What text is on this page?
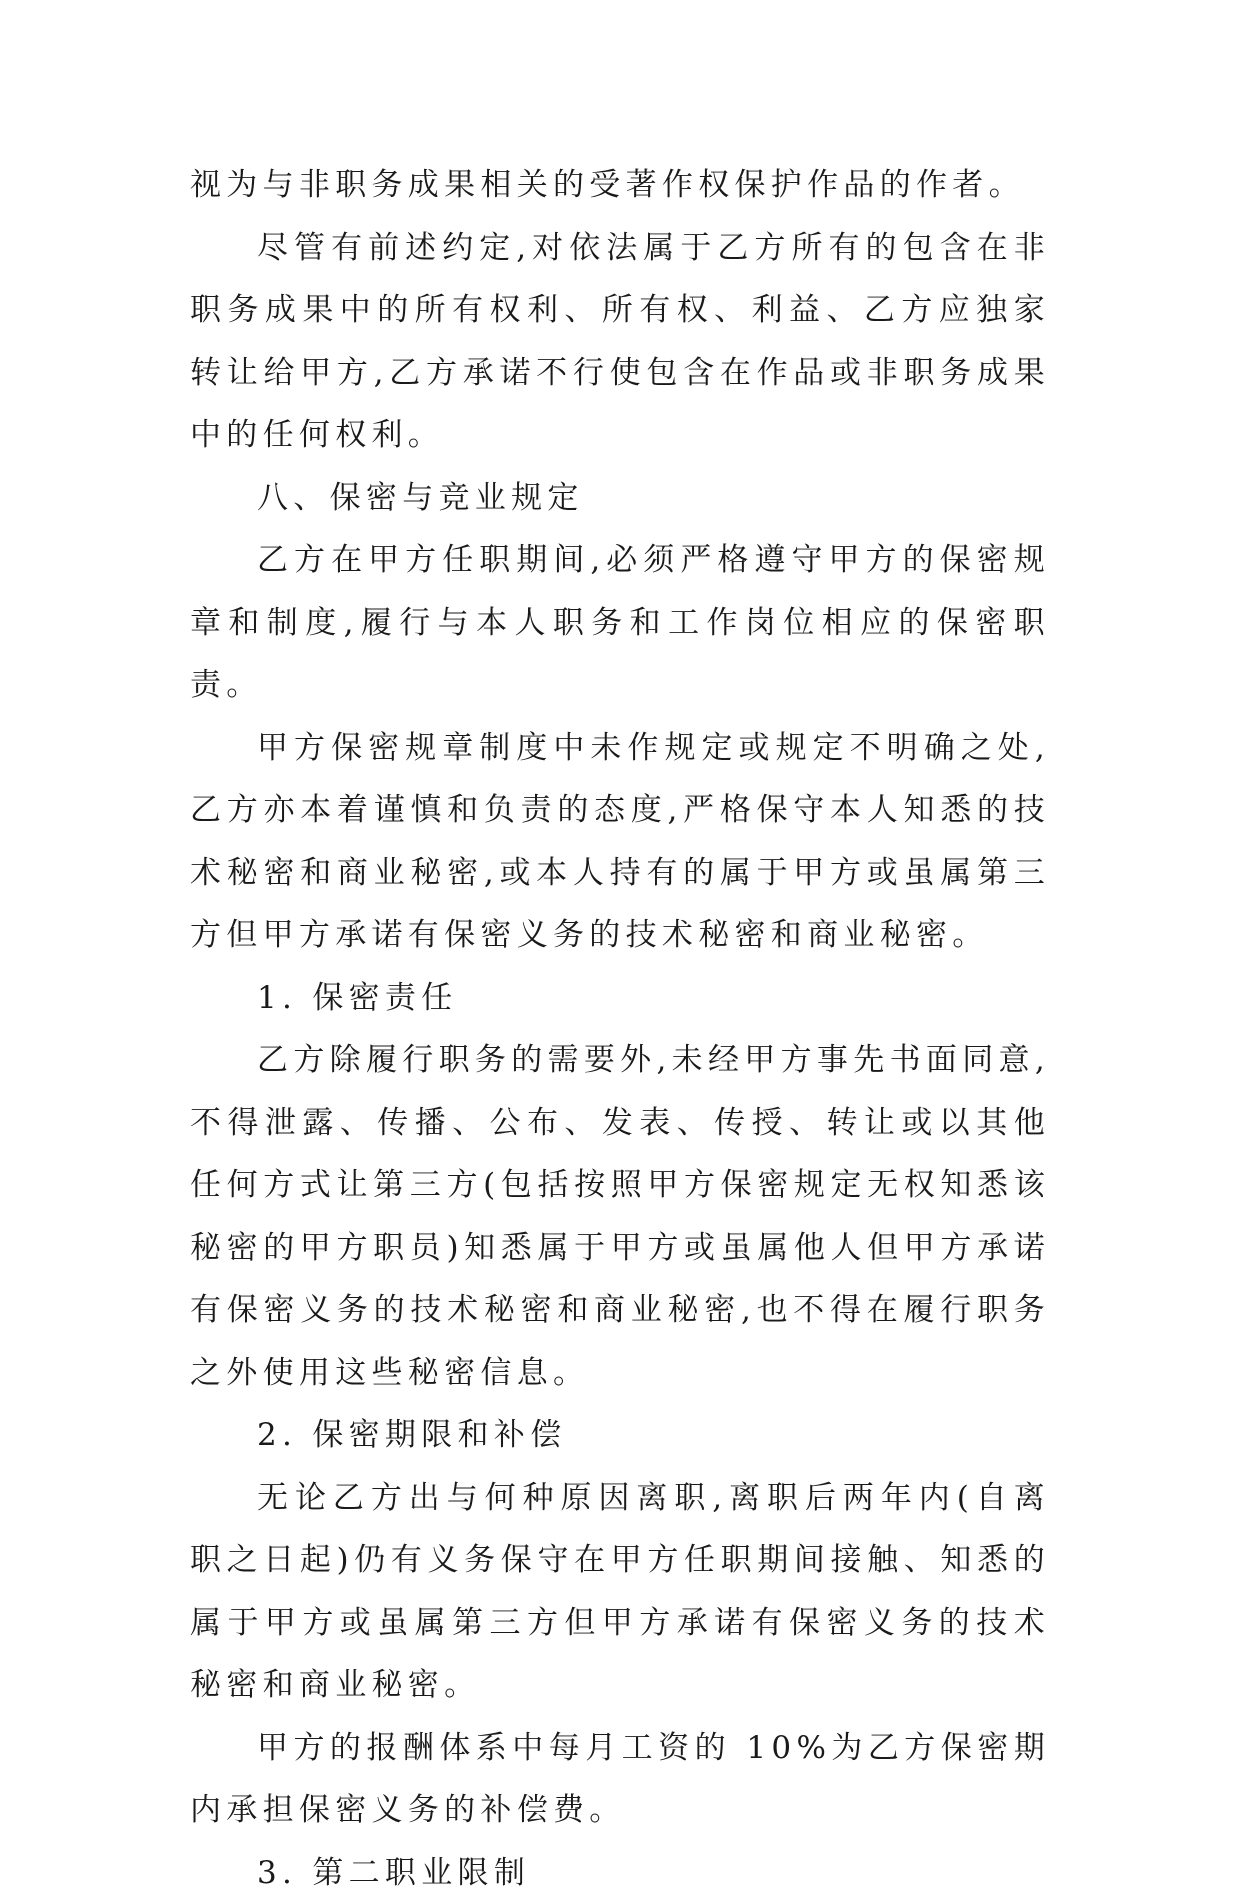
视为与非职务成果相关的受著作权保护作品的作者。

尽管有前述约定,对依法属于乙方所有的包含在非职务成果中的所有权利、所有权、利益、乙方应独家转让给甲方,乙方承诺不行使包含在作品或非职务成果中的任何权利。

八、保密与竞业规定

乙方在甲方任职期间,必须严格遵守甲方的保密规章和制度,履行与本人职务和工作岗位相应的保密职责。

甲方保密规章制度中未作规定或规定不明确之处,乙方亦本着谨慎和负责的态度,严格保守本人知悉的技术秘密和商业秘密,或本人持有的属于甲方或虽属第三方但甲方承诺有保密义务的技术秘密和商业秘密。

1. 保密责任

乙方除履行职务的需要外,未经甲方事先书面同意,不得泄露、传播、公布、发表、传授、转让或以其他任何方式让第三方(包括按照甲方保密规定无权知悉该秘密的甲方职员)知悉属于甲方或虽属他人但甲方承诺有保密义务的技术秘密和商业秘密,也不得在履行职务之外使用这些秘密信息。

2. 保密期限和补偿

无论乙方出与何种原因离职,离职后两年内(自离职之日起)仍有义务保守在甲方任职期间接触、知悉的属于甲方或虽属第三方但甲方承诺有保密义务的技术秘密和商业秘密。

甲方的报酬体系中每月工资的 10%为乙方保密期内承担保密义务的补偿费。

3. 第二职业限制
